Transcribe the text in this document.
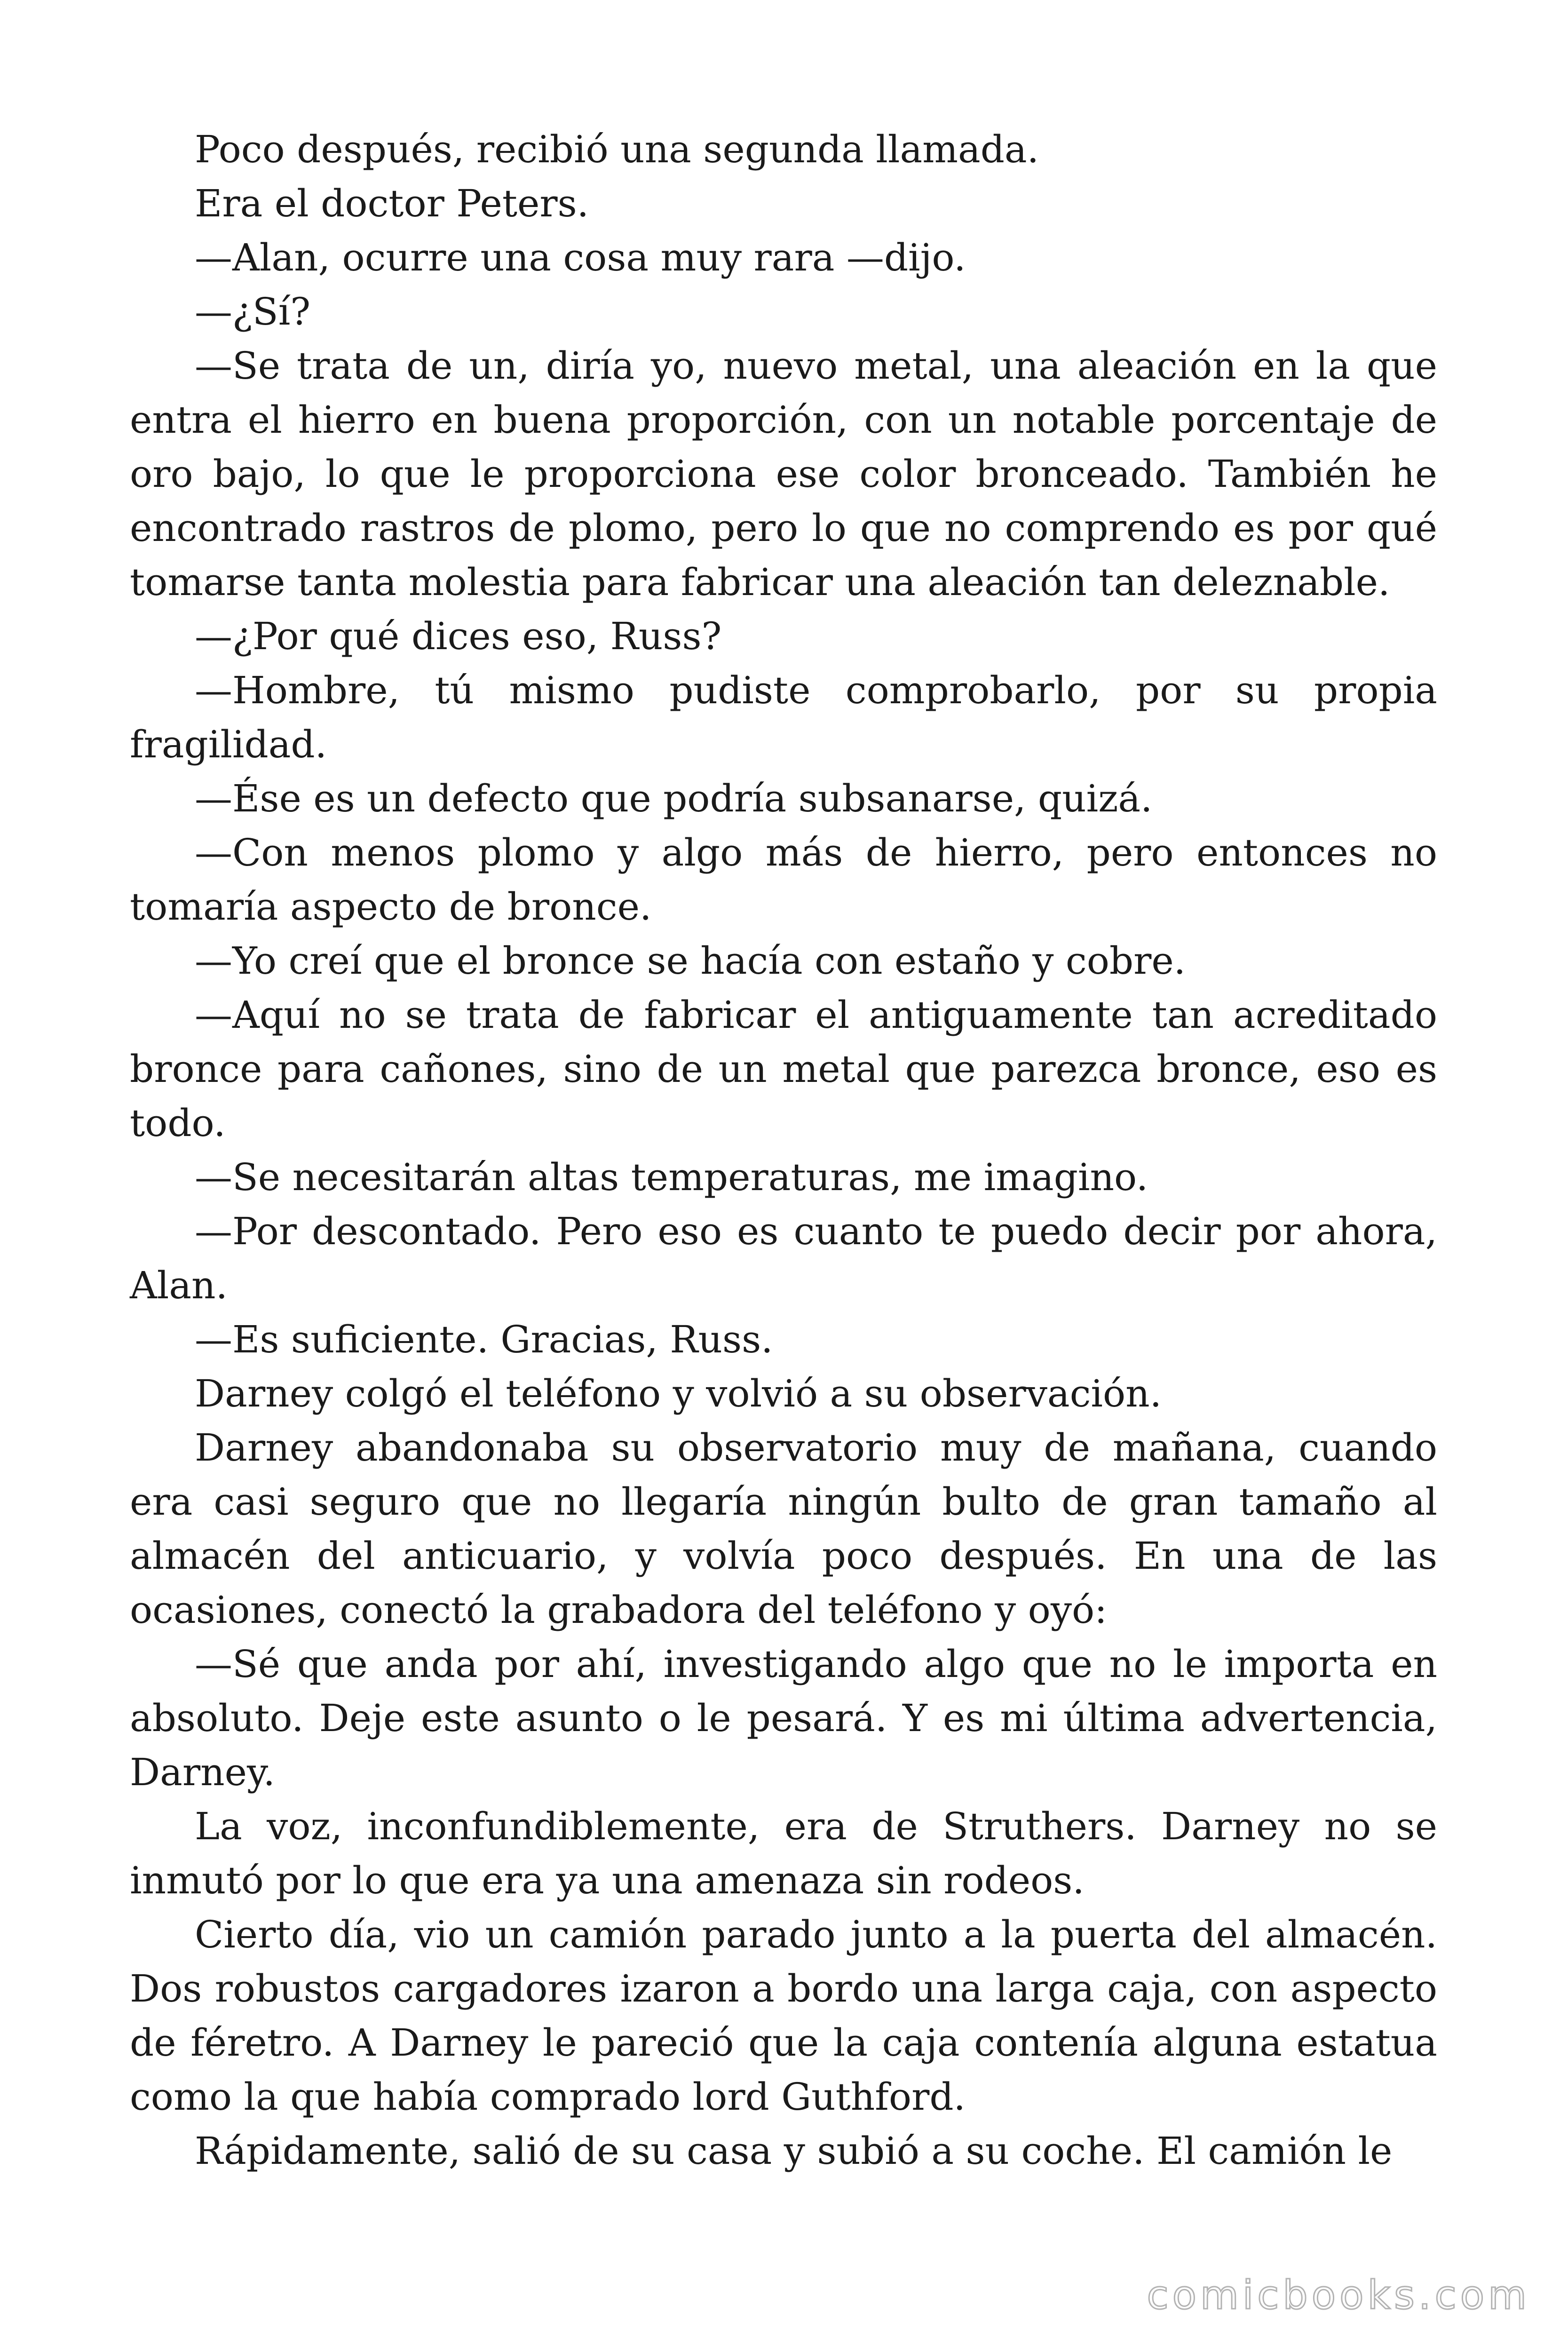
Poco después, recibió una segunda llamada.

Era el doctor Peters.

—Alan, ocurre una cosa muy rara —dijo.

—¿Sí?

—Se trata de un, diría yo, nuevo metal, una aleación en la que entra el hierro en buena proporción, con un notable porcentaje de oro bajo, lo que le proporciona ese color bronceado. También he encontrado rastros de plomo, pero lo que no comprendo es por qué tomarse tanta molestia para fabricar una aleación tan deleznable.

—¿Por qué dices eso, Russ?

—Hombre, tú mismo pudiste comprobarlo, por su propia fragilidad.

—Ése es un defecto que podría subsanarse, quizá.

—Con menos plomo y algo más de hierro, pero entonces no tomaría aspecto de bronce.

—Yo creí que el bronce se hacía con estaño y cobre.

—Aquí no se trata de fabricar el antiguamente tan acreditado bronce para cañones, sino de un metal que parezca bronce, eso es todo.

—Se necesitarán altas temperaturas, me imagino.

—Por descontado. Pero eso es cuanto te puedo decir por ahora, Alan.

—Es suficiente. Gracias, Russ.

Darney colgó el teléfono y volvió a su observación.

Darney abandonaba su observatorio muy de mañana, cuando era casi seguro que no llegaría ningún bulto de gran tamaño al almacén del anticuario, y volvía poco después. En una de las ocasiones, conectó la grabadora del teléfono y oyó:

—Sé que anda por ahí, investigando algo que no le importa en absoluto. Deje este asunto o le pesará. Y es mi última advertencia, Darney.

La voz, inconfundiblemente, era de Struthers. Darney no se inmutó por lo que era ya una amenaza sin rodeos.

Cierto día, vio un camión parado junto a la puerta del almacén. Dos robustos cargadores izaron a bordo una larga caja, con aspecto de féretro. A Darney le pareció que la caja contenía alguna estatua como la que había comprado lord Guthford.

Rápidamente, salió de su casa y subió a su coche. El camión le

comicbooks.com
